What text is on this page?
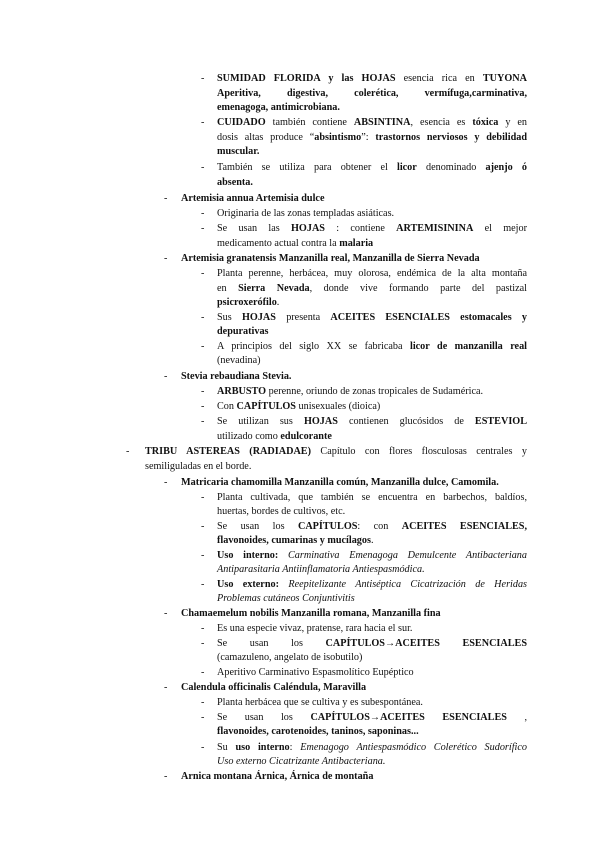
- SUMIDAD FLORIDA y las HOJAS esencia rica en TUYONA
Aperitiva, digestiva, colerética, vermífuga,carminativa,
emenagoga, antimicrobiana.
- CUIDADO también contiene ABSINTINA, esencia es tóxica y en
dosis altas produce “absintismo”: trastornos nerviosos y debilidad
muscular.
- También se utiliza para obtener el licor denominado ajenjo ó
absenta.
- Artemisia annua Artemisia dulce
- Originaria de las zonas templadas asiáticas.
- Se usan las HOJAS : contiene ARTEMISININA el mejor
medicamento actual contra la malaria
- Artemisia granatensis Manzanilla real, Manzanilla de Sierra Nevada
- Planta perenne, herbácea, muy olorosa, endémica de la alta montaña
en Sierra Nevada, donde vive formando parte del pastizal
psicroxerófilo.
- Sus HOJAS presenta ACEITES ESENCIALES estomacales y
depurativas
- A principios del siglo XX se fabricaba licor de manzanilla real
(nevadina)
- Stevia rebaudiana Stevia.
- ARBUSTO perenne, oriundo de zonas tropicales de Sudamérica.
- Con CAPÍTULOS unisexuales (dioica)
- Se utilizan sus HOJAS contienen glucósidos de ESTEVIOL
utilizado como edulcorante
- TRIBU ASTEREAS (RADIADAE) Capítulo con flores flosculosas centrales y
semiliguladas en el borde.
- Matricaria chamomilla Manzanilla común, Manzanilla dulce, Camomila.
- Planta cultivada, que también se encuentra en barbechos, baldíos,
huertas, bordes de cultivos, etc.
- Se usan los CAPÍTULOS: con ACEITES ESENCIALES,
flavonoides, cumarinas y mucílagos.
- Uso interno: Carminativa Emenagoga Demulcente Antibacteriana
Antiparasitaria Antiinflamatoria Antiespasmódica.
- Uso externo: Reepitelizante Antiséptica Cicatrización de Heridas
Problemas cutáneos Conjuntivitis
- Chamaemelum nobilis Manzanilla romana, Manzanilla fina
- Es una especie vivaz, pratense, rara hacia el sur.
- Se usan los CAPÍTULOS→ACEITES ESENCIALES
(camazuleno, angelato de isobutilo)
- Aperitivo Carminativo Espasmolítico Eupéptico
- Calendula officinalis Caléndula, Maravilla
- Planta herbácea que se cultiva y es subespontánea.
- Se usan los CAPÍTULOS→ACEITES ESENCIALES ,
flavonoides, carotenoides, taninos, saponinas...
- Su uso interno: Emenagogo Antiespasmódico Colerético Sudorífico
Uso externo Cicatrizante Antibacteriana.
- Arnica montana Árnica, Árnica de montaña
